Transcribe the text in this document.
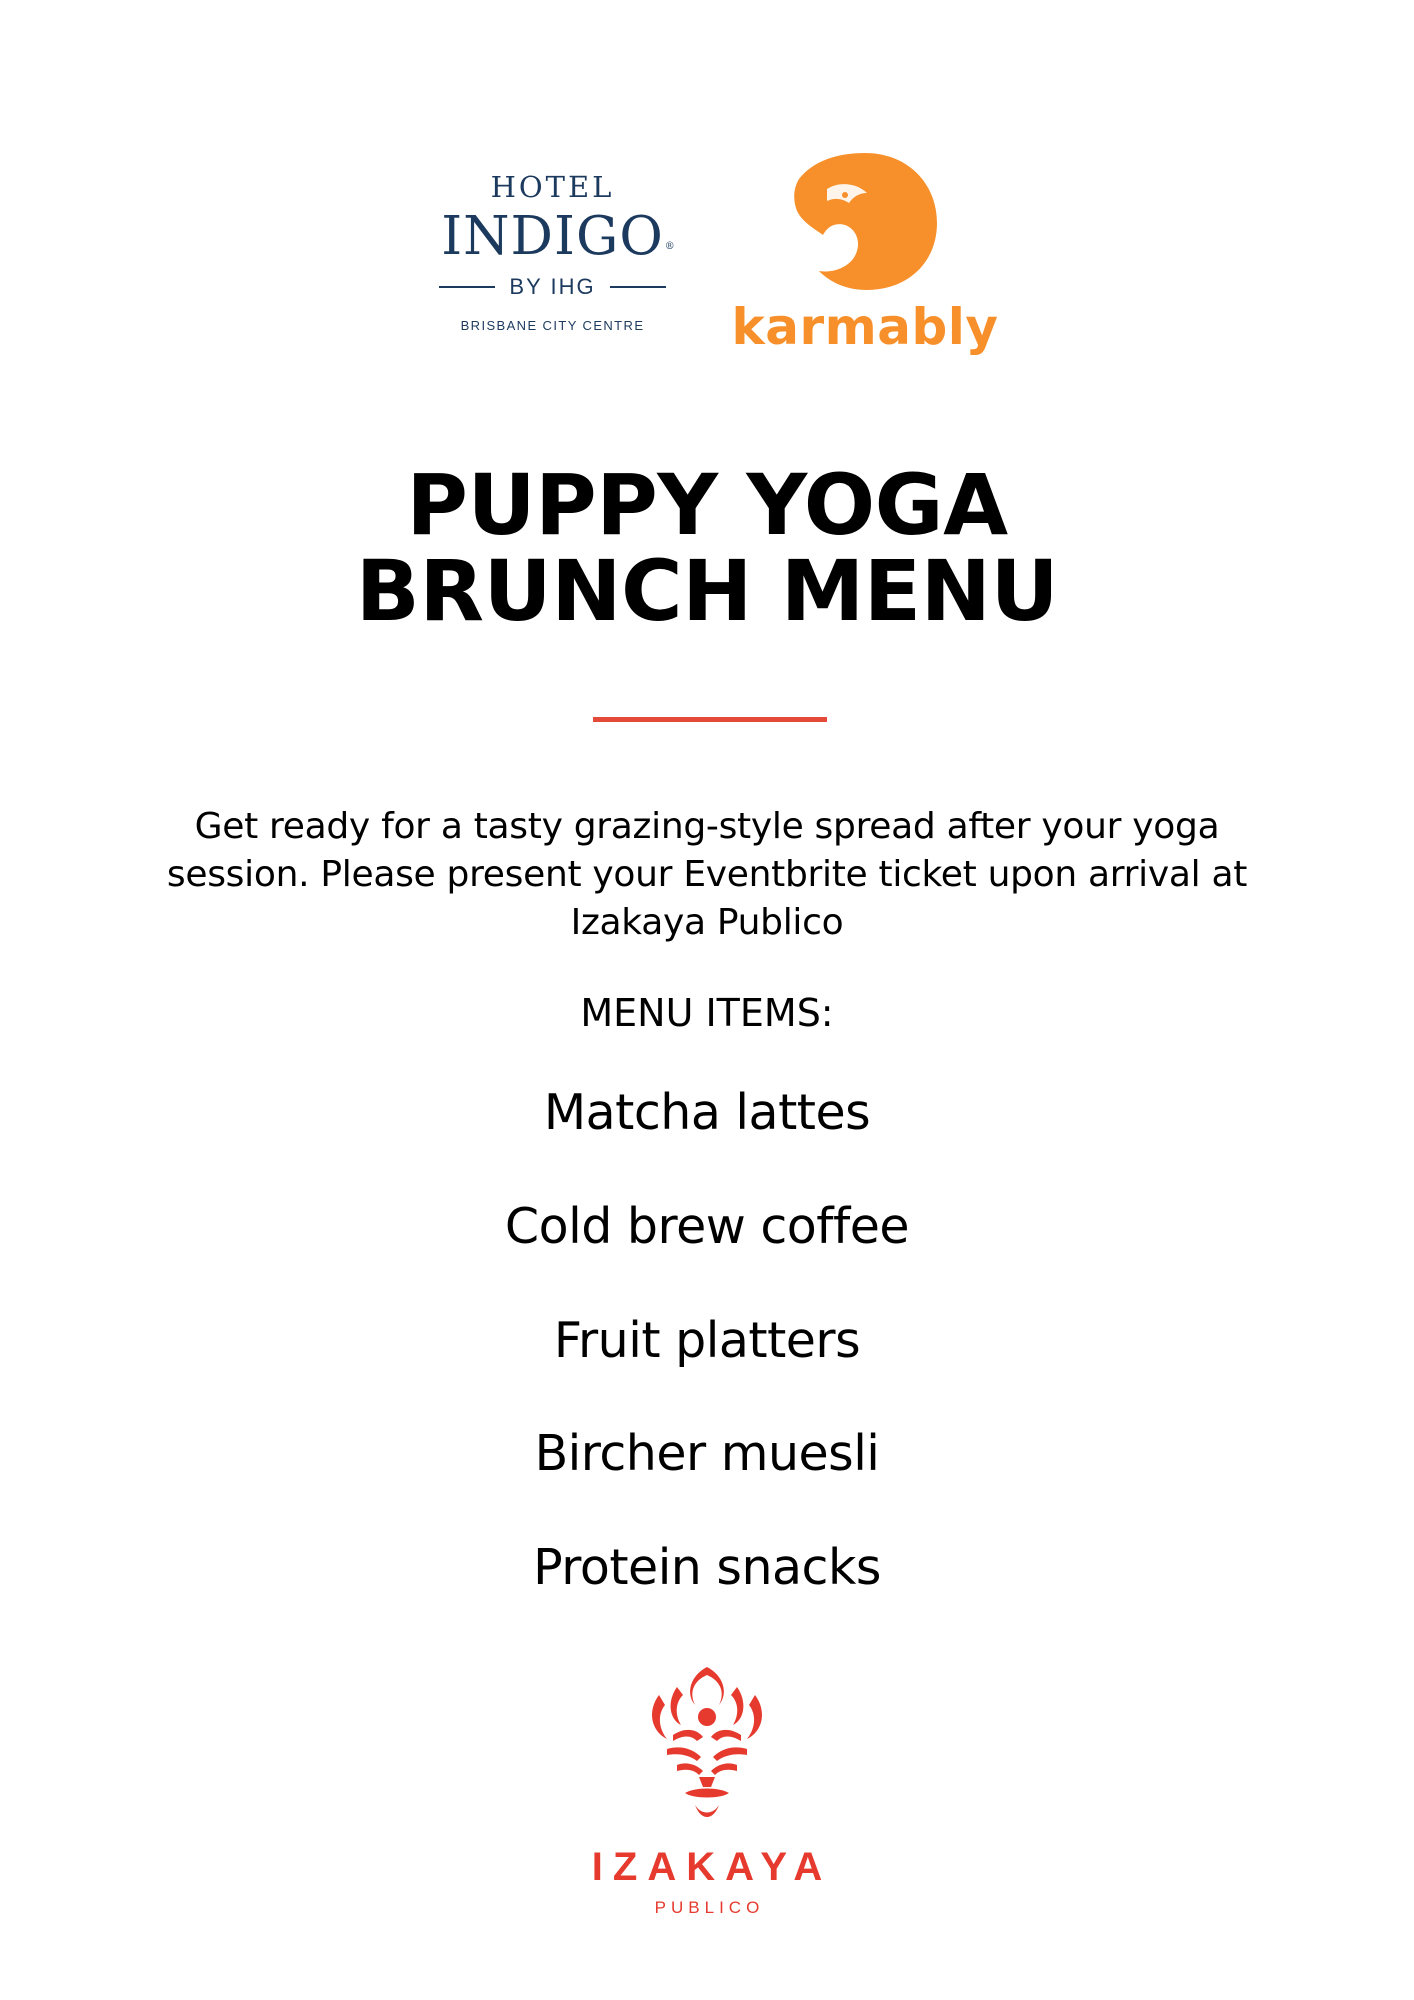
HOTEL
INDIGO ®
BY IHG
BRISBANE CITY CENTRE	karmably
PUPPY YOGA
BRUNCH MENU
Get ready for a tasty grazing-style spread after your yoga session. Please present your Eventbrite ticket upon arrival at Izakaya Publico
MENU ITEMS:
Matcha lattes
Cold brew coffee
Fruit platters
Bircher muesli
Protein snacks
IZAKAYA
PUBLICO
